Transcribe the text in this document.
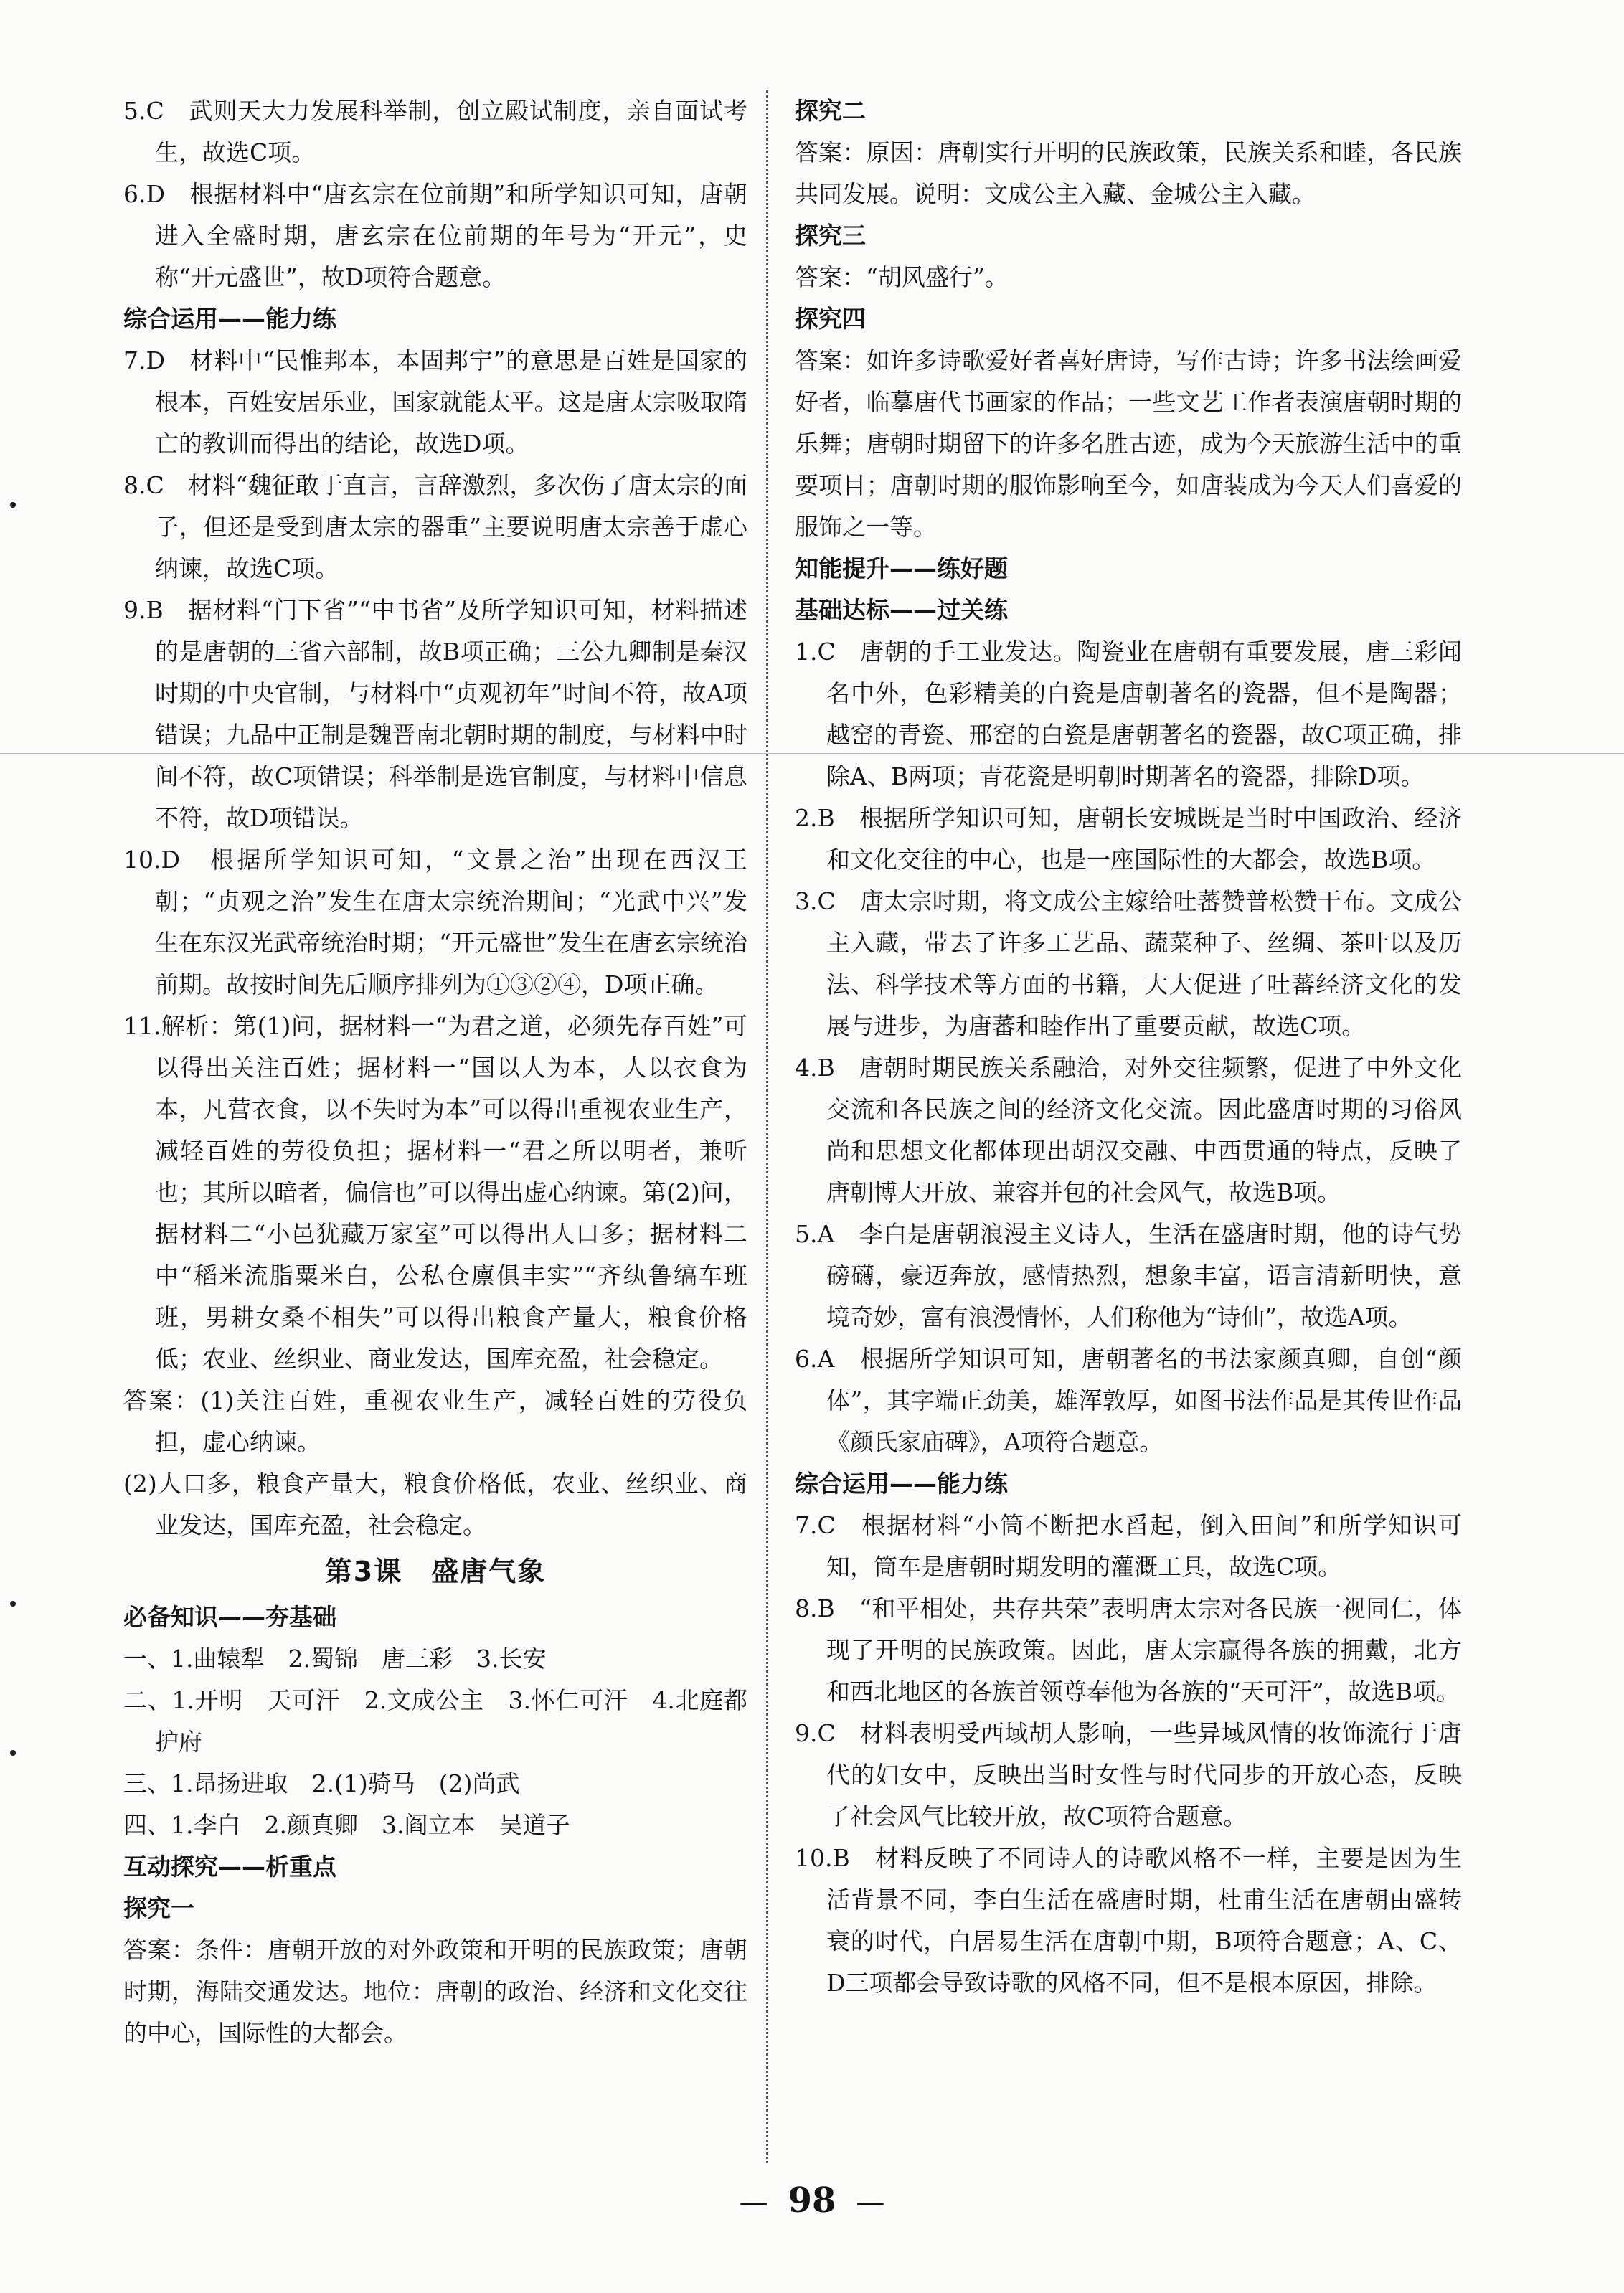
5.C　武则天大力发展科举制，创立殿试制度，亲自面试考生，故选C项。

6.D　根据材料中“唐玄宗在位前期”和所学知识可知，唐朝进入全盛时期，唐玄宗在位前期的年号为“开元”，史称“开元盛世”，故D项符合题意。

综合运用——能力练

7.D　材料中“民惟邦本，本固邦宁”的意思是百姓是国家的根本，百姓安居乐业，国家就能太平。这是唐太宗吸取隋亡的教训而得出的结论，故选D项。

8.C　材料“魏征敢于直言，言辞激烈，多次伤了唐太宗的面子，但还是受到唐太宗的器重”主要说明唐太宗善于虚心纳谏，故选C项。

9.B　据材料“门下省”“中书省”及所学知识可知，材料描述的是唐朝的三省六部制，故B项正确；三公九卿制是秦汉时期的中央官制，与材料中“贞观初年”时间不符，故A项错误；九品中正制是魏晋南北朝时期的制度，与材料中时间不符，故C项错误；科举制是选官制度，与材料中信息不符，故D项错误。

10.D　根据所学知识可知，“文景之治”出现在西汉王朝；“贞观之治”发生在唐太宗统治期间；“光武中兴”发生在东汉光武帝统治时期；“开元盛世”发生在唐玄宗统治前期。故按时间先后顺序排列为①③②④，D项正确。

11.解析：第(1)问，据材料一“为君之道，必须先存百姓”可以得出关注百姓；据材料一“国以人为本，人以衣食为本，凡营衣食，以不失时为本”可以得出重视农业生产，减轻百姓的劳役负担；据材料一“君之所以明者，兼听也；其所以暗者，偏信也”可以得出虚心纳谏。第(2)问，据材料二“小邑犹藏万家室”可以得出人口多；据材料二中“稻米流脂粟米白，公私仓廪俱丰实”“齐纨鲁缟车班班，男耕女桑不相失”可以得出粮食产量大，粮食价格低；农业、丝织业、商业发达，国库充盈，社会稳定。

答案：(1)关注百姓，重视农业生产，减轻百姓的劳役负担，虚心纳谏。

(2)人口多，粮食产量大，粮食价格低，农业、丝织业、商业发达，国库充盈，社会稳定。

第3课　盛唐气象
必备知识——夯基础

一、1.曲辕犁　2.蜀锦　唐三彩　3.长安

二、1.开明　天可汗　2.文成公主　3.怀仁可汗　4.北庭都护府

三、1.昂扬进取　2.(1)骑马　(2)尚武

四、1.李白　2.颜真卿　3.阎立本　吴道子

互动探究——析重点
探究一

答案：条件：唐朝开放的对外政策和开明的民族政策；唐朝时期，海陆交通发达。地位：唐朝的政治、经济和文化交往的中心，国际性的大都会。

探究二

答案：原因：唐朝实行开明的民族政策，民族关系和睦，各民族共同发展。说明：文成公主入藏、金城公主入藏。

探究三

答案：“胡风盛行”。

探究四

答案：如许多诗歌爱好者喜好唐诗，写作古诗；许多书法绘画爱好者，临摹唐代书画家的作品；一些文艺工作者表演唐朝时期的乐舞；唐朝时期留下的许多名胜古迹，成为今天旅游生活中的重要项目；唐朝时期的服饰影响至今，如唐装成为今天人们喜爱的服饰之一等。

知能提升——练好题
基础达标——过关练

1.C　唐朝的手工业发达。陶瓷业在唐朝有重要发展，唐三彩闻名中外，色彩精美的白瓷是唐朝著名的瓷器，但不是陶器；越窑的青瓷、邢窑的白瓷是唐朝著名的瓷器，故C项正确，排除A、B两项；青花瓷是明朝时期著名的瓷器，排除D项。

2.B　根据所学知识可知，唐朝长安城既是当时中国政治、经济和文化交往的中心，也是一座国际性的大都会，故选B项。

3.C　唐太宗时期，将文成公主嫁给吐蕃赞普松赞干布。文成公主入藏，带去了许多工艺品、蔬菜种子、丝绸、茶叶以及历法、科学技术等方面的书籍，大大促进了吐蕃经济文化的发展与进步，为唐蕃和睦作出了重要贡献，故选C项。

4.B　唐朝时期民族关系融洽，对外交往频繁，促进了中外文化交流和各民族之间的经济文化交流。因此盛唐时期的习俗风尚和思想文化都体现出胡汉交融、中西贯通的特点，反映了唐朝博大开放、兼容并包的社会风气，故选B项。

5.A　李白是唐朝浪漫主义诗人，生活在盛唐时期，他的诗气势磅礴，豪迈奔放，感情热烈，想象丰富，语言清新明快，意境奇妙，富有浪漫情怀，人们称他为“诗仙”，故选A项。

6.A　根据所学知识可知，唐朝著名的书法家颜真卿，自创“颜体”，其字端正劲美，雄浑敦厚，如图书法作品是其传世作品《颜氏家庙碑》，A项符合题意。

综合运用——能力练

7.C　根据材料“小筒不断把水舀起，倒入田间”和所学知识可知，筒车是唐朝时期发明的灌溉工具，故选C项。

8.B　“和平相处，共存共荣”表明唐太宗对各民族一视同仁，体现了开明的民族政策。因此，唐太宗赢得各族的拥戴，北方和西北地区的各族首领尊奉他为各族的“天可汗”，故选B项。

9.C　材料表明受西域胡人影响，一些异域风情的妆饰流行于唐代的妇女中，反映出当时女性与时代同步的开放心态，反映了社会风气比较开放，故C项符合题意。

10.B　材料反映了不同诗人的诗歌风格不一样，主要是因为生活背景不同，李白生活在盛唐时期，杜甫生活在唐朝由盛转衰的时代，白居易生活在唐朝中期，B项符合题意；A、C、D三项都会导致诗歌的风格不同，但不是根本原因，排除。

— 98 —
